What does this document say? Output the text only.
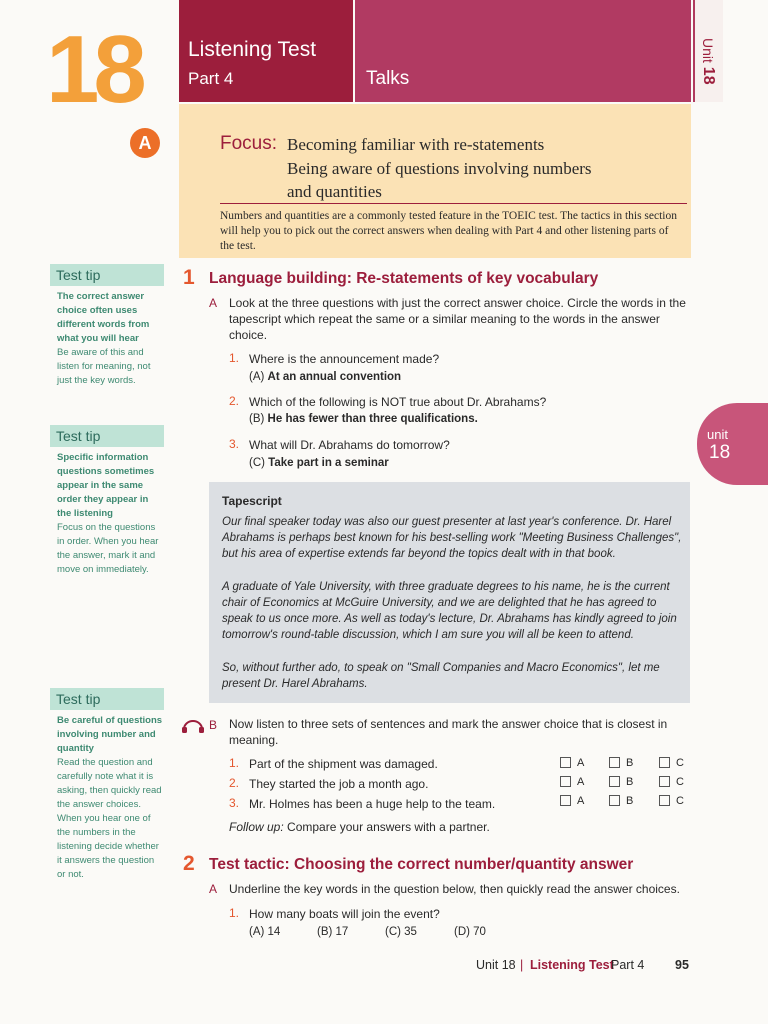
18 Listening Test
Part 4	Talks
Unit 18
A	Focus: Becoming familiar with re-statements
Being aware of questions involving numbers
and quantities
Numbers and quantities are a commonly tested feature in the TOEIC test. The tactics in this section will help you to pick out the correct answers when dealing with Part 4 and other listening parts of the test.
Test tip
The correct answer choice often uses different words from what you will hear
Be aware of this and listen for meaning, not just the key words.
Test tip
Specific information questions sometimes appear in the same order they appear in the listening
Focus on the questions in order. When you hear the answer, mark it and move on immediately.
Test tip
Be careful of questions involving number and quantity
Read the question and carefully note what it is asking, then quickly read the answer choices. When you hear one of the numbers in the listening decide whether it answers the question or not.
1 Language building: Re-statements of key vocabulary
A Look at the three questions with just the correct answer choice. Circle the words in the tapescript which repeat the same or a similar meaning to the words in the answer choice.
1. Where is the announcement made?
(A) At an annual convention
2. Which of the following is NOT true about Dr. Abrahams?
(B) He has fewer than three qualifications.
3. What will Dr. Abrahams do tomorrow?
(C) Take part in a seminar
unit
18
Tapescript

Our final speaker today was also our guest presenter at last year's conference. Dr. Harel Abrahams is perhaps best known for his best-selling work "Meeting Business Challenges", but his area of expertise extends far beyond the topics dealt with in that book.

A graduate of Yale University, with three graduate degrees to his name, he is the current chair of Economics at McGuire University, and we are delighted that he has agreed to speak to us once more. As well as today's lecture, Dr. Abrahams has kindly agreed to join tomorrow's round-table discussion, which I am sure you will all be keen to attend.

So, without further ado, to speak on "Small Companies and Macro Economics", let me present Dr. Harel Abrahams.

B Now listen to three sets of sentences and mark the answer choice that is closest in meaning.
1. Part of the shipment was damaged.
2. They started the job a month ago.
3. Mr. Holmes has been a huge help to the team.
A	B	C
A	B	C
A	B	C
Follow up: Compare your answers with a partner.
2 Test tactic: Choosing the correct number/quantity answer
A Underline the key words in the question below, then quickly read the answer choices.
1. How many boats will join the event?
(A) 14	(B) 17	(C) 35	(D) 70
Unit 18 | Listening Test
Part 4 95
